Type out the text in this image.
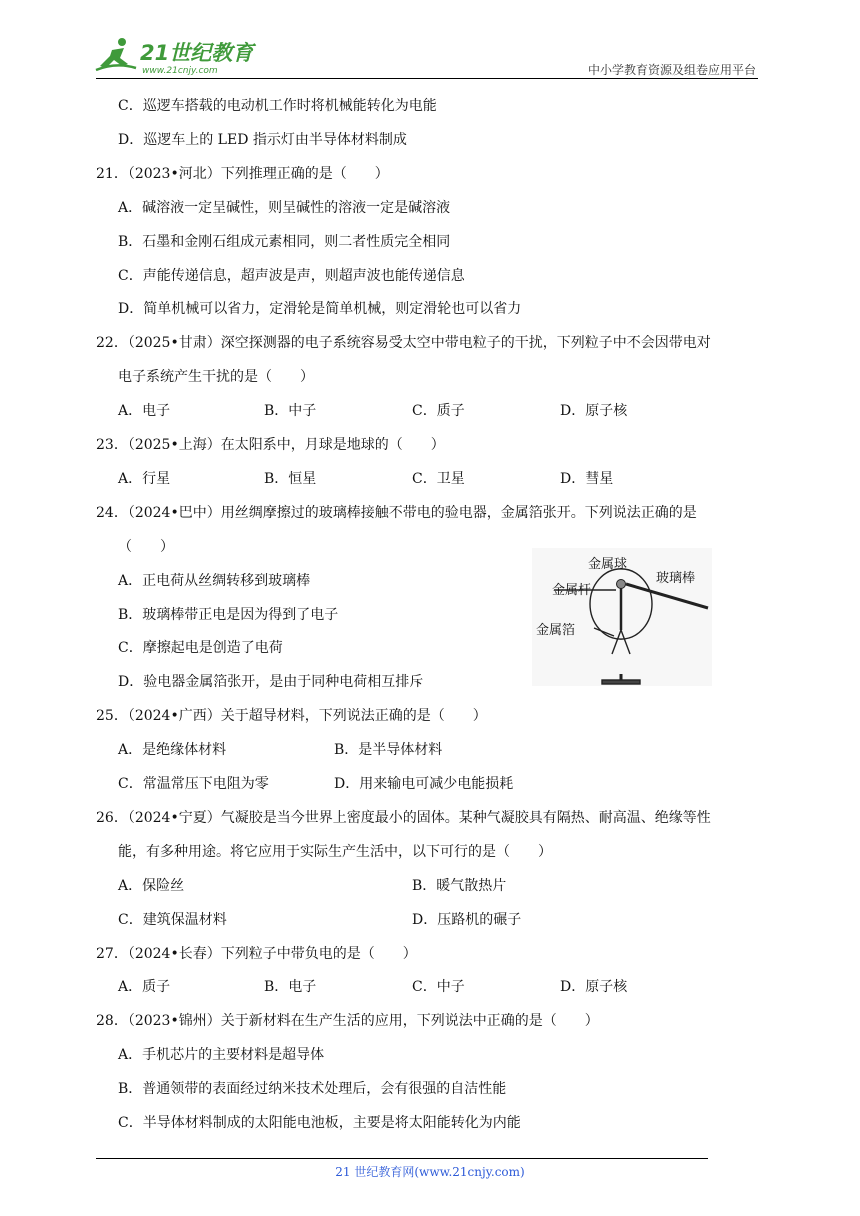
21世纪教育
www.21cnjy.com	中小学教育资源及组卷应用平台
C．巡逻车搭载的电动机工作时将机械能转化为电能
D．巡逻车上的 LED 指示灯由半导体材料制成
21．（2023•河北）下列推理正确的是（　　）
A．碱溶液一定呈碱性，则呈碱性的溶液一定是碱溶液
B．石墨和金刚石组成元素相同，则二者性质完全相同
C．声能传递信息，超声波是声，则超声波也能传递信息
D．简单机械可以省力，定滑轮是简单机械，则定滑轮也可以省力
22．（2025•甘肃）深空探测器的电子系统容易受太空中带电粒子的干扰，下列粒子中不会因带电对
电子系统产生干扰的是（　　）
A．电子	B．中子	C．质子	D．原子核
23．（2025•上海）在太阳系中，月球是地球的（　　）
A．行星	B．恒星	C．卫星	D．彗星
24．（2024•巴中）用丝绸摩擦过的玻璃棒接触不带电的验电器，金属箔张开。下列说法正确的是
（　　）
A．正电荷从丝绸转移到玻璃棒
B．玻璃棒带正电是因为得到了电子
C．摩擦起电是创造了电荷
D．验电器金属箔张开，是由于同种电荷相互排斥
25．（2024•广西）关于超导材料，下列说法正确的是（　　）
A．是绝缘体材料	B．是半导体材料
C．常温常压下电阻为零	D．用来输电可减少电能损耗
26．（2024•宁夏）气凝胶是当今世界上密度最小的固体。某种气凝胶具有隔热、耐高温、绝缘等性
能，有多种用途。将它应用于实际生产生活中，以下可行的是（　　）
A．保险丝	B．暖气散热片
C．建筑保温材料	D．压路机的碾子
27．（2024•长春）下列粒子中带负电的是（　　）
A．质子	B．电子	C．中子	D．原子核
28．（2023•锦州）关于新材料在生产生活的应用，下列说法中正确的是（　　）
A．手机芯片的主要材料是超导体
B．普通领带的表面经过纳米技术处理后，会有很强的自洁性能
C．半导体材料制成的太阳能电池板，主要是将太阳能转化为内能
金属球
金属杆
金属箔
玻璃棒
21 世纪教育网(www.21cnjy.com)
